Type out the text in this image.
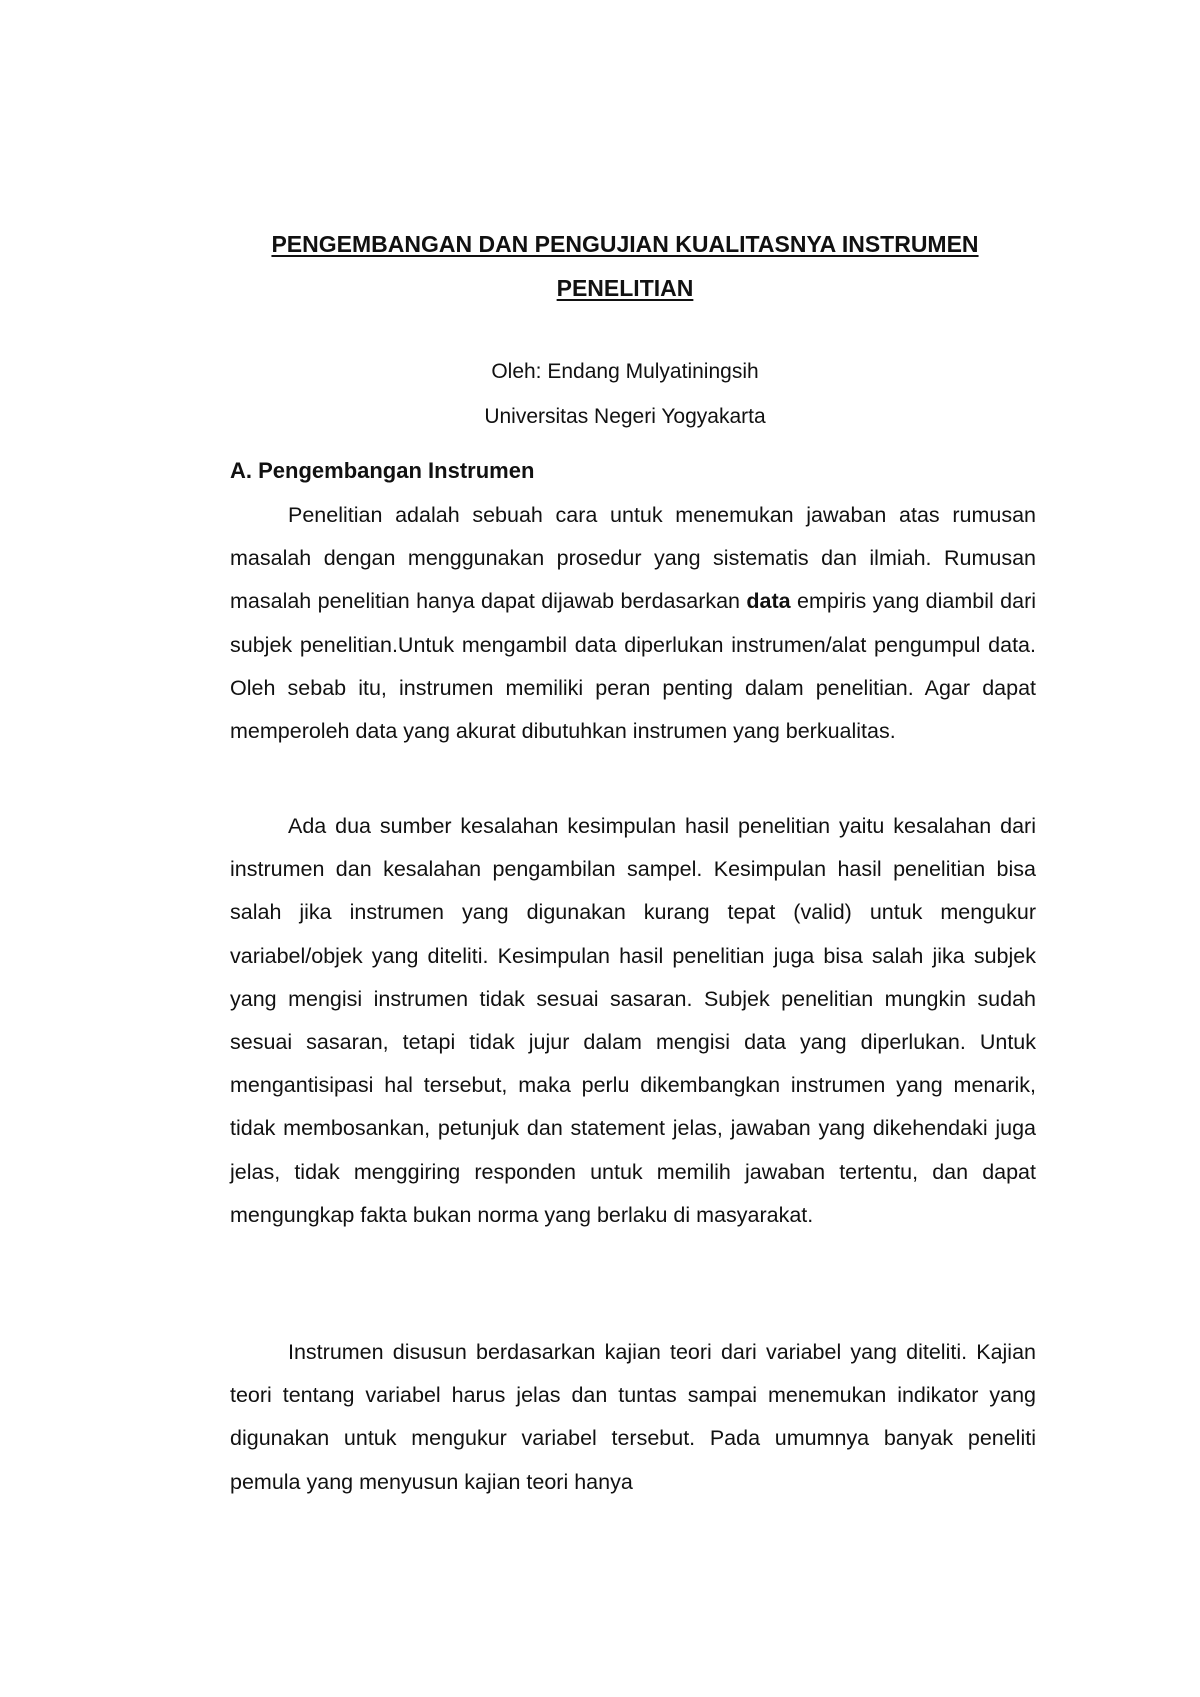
PENGEMBANGAN DAN PENGUJIAN KUALITASNYA INSTRUMEN
PENELITIAN
Oleh: Endang Mulyatiningsih
Universitas Negeri Yogyakarta
A. Pengembangan Instrumen

Penelitian adalah sebuah cara untuk menemukan jawaban atas rumusan masalah dengan menggunakan prosedur yang sistematis dan ilmiah. Rumusan masalah penelitian hanya dapat dijawab berdasarkan data empiris yang diambil dari subjek penelitian.Untuk mengambil data diperlukan instrumen/alat pengumpul data. Oleh sebab itu, instrumen memiliki peran penting dalam penelitian. Agar dapat memperoleh data yang akurat dibutuhkan instrumen yang berkualitas.

Ada dua sumber kesalahan kesimpulan hasil penelitian yaitu kesalahan dari instrumen dan kesalahan pengambilan sampel. Kesimpulan hasil penelitian bisa salah jika instrumen yang digunakan kurang tepat (valid) untuk mengukur variabel/objek yang diteliti. Kesimpulan hasil penelitian juga bisa salah jika subjek yang mengisi instrumen tidak sesuai sasaran. Subjek penelitian mungkin sudah sesuai sasaran, tetapi tidak jujur dalam mengisi data yang diperlukan. Untuk mengantisipasi hal tersebut, maka perlu dikembangkan instrumen yang menarik, tidak membosankan, petunjuk dan statement jelas, jawaban yang dikehendaki juga jelas, tidak menggiring responden untuk memilih jawaban tertentu, dan dapat mengungkap fakta bukan norma yang berlaku di masyarakat.

Instrumen disusun berdasarkan kajian teori dari variabel yang diteliti. Kajian teori tentang variabel harus jelas dan tuntas sampai menemukan indikator yang digunakan untuk mengukur variabel tersebut. Pada umumnya banyak peneliti pemula yang menyusun kajian teori hanya
